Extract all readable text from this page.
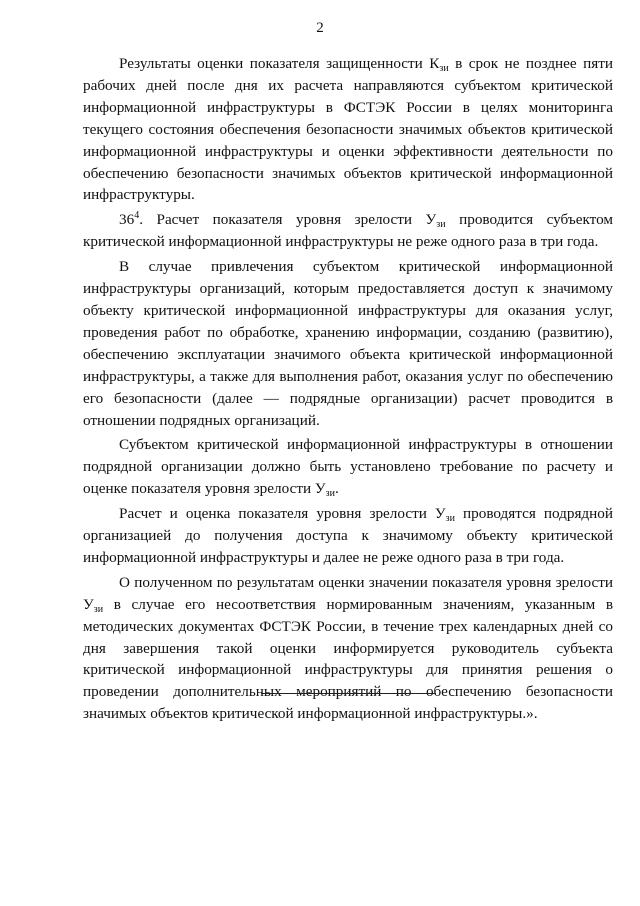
2

Результаты оценки показателя защищенности $К_{зи}$ в срок не позднее пяти рабочих дней после дня их расчета направляются субъектом критической информационной инфраструктуры в ФСТЭК России в целях мониторинга текущего состояния обеспечения безопасности значимых объектов критической информационной инфраструктуры и оценки эффективности деятельности по обеспечению безопасности значимых объектов критической информационной инфраструктуры.

$36^4$. Расчет показателя уровня зрелости $У_{зи}$ проводится субъектом критической информационной инфраструктуры не реже одного раза в три года.

В случае привлечения субъектом критической информационной инфраструктуры организаций, которым предоставляется доступ к значимому объекту критической информационной инфраструктуры для оказания услуг, проведения работ по обработке, хранению информации, созданию (развитию), обеспечению эксплуатации значимого объекта критической информационной инфраструктуры, а также для выполнения работ, оказания услуг по обеспечению его безопасности (далее — подрядные организации) расчет проводится в отношении подрядных организаций.

Субъектом критической информационной инфраструктуры в отношении подрядной организации должно быть установлено требование по расчету и оценке показателя уровня зрелости $У_{зи}$.

Расчет и оценка показателя уровня зрелости $У_{зи}$ проводятся подрядной организацией до получения доступа к значимому объекту критической информационной инфраструктуры и далее не реже одного раза в три года.

О полученном по результатам оценки значении показателя уровня зрелости $У_{зи}$ в случае его несоответствия нормированным значениям, указанным в методических документах ФСТЭК России, в течение трех календарных дней со дня завершения такой оценки информируется руководитель субъекта критической информационной инфраструктуры для принятия решения о проведении дополнительных мероприятий по обеспечению безопасности значимых объектов критической информационной инфраструктуры.».
